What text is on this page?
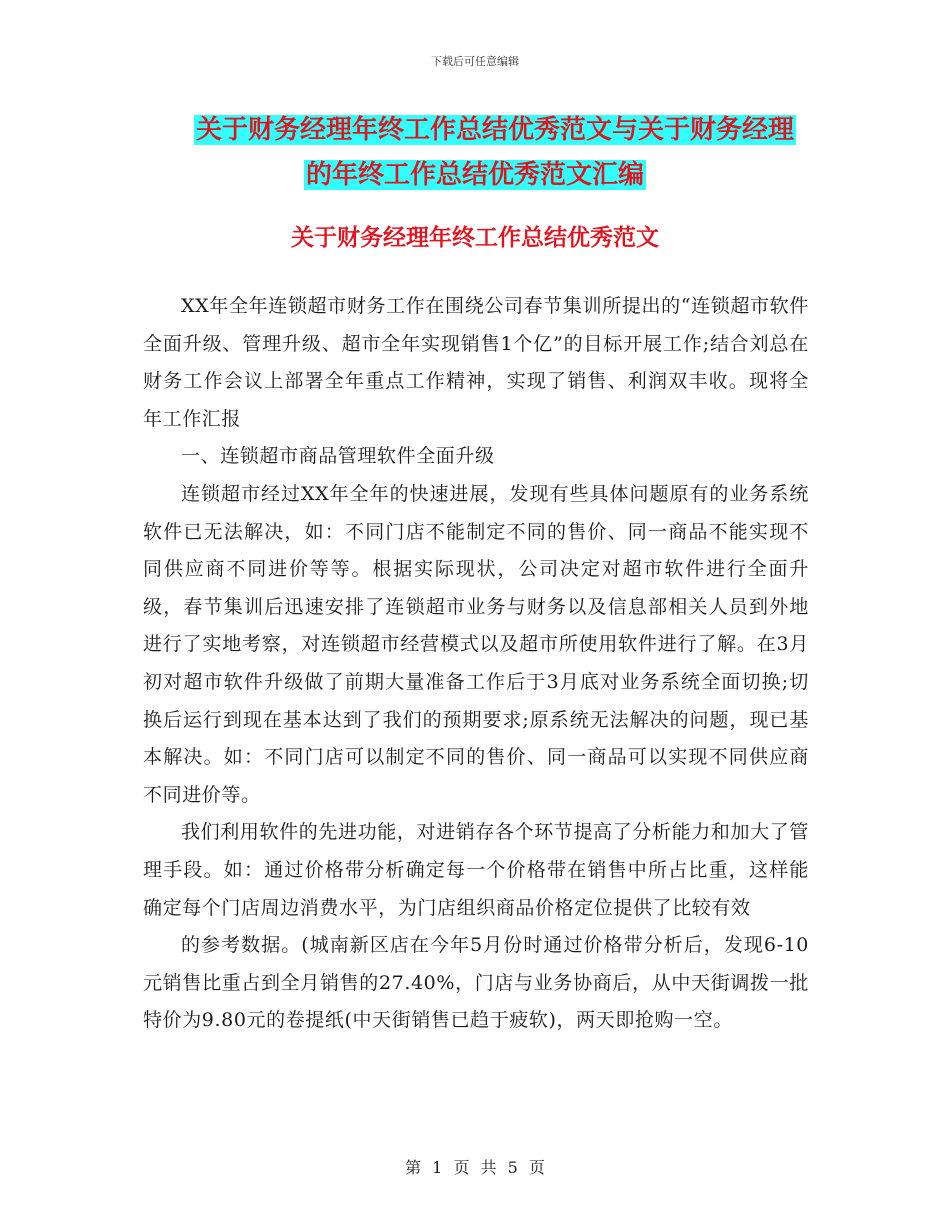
下载后可任意编辑
关于财务经理年终工作总结优秀范文与关于财务经理
的年终工作总结优秀范文汇编
关于财务经理年终工作总结优秀范文

XX年全年连锁超市财务工作在围绕公司春节集训所提出的“连锁超市软件全面升级、管理升级、超市全年实现销售1个亿”的目标开展工作;结合刘总在财务工作会议上部署全年重点工作精神，实现了销售、利润双丰收。现将全年工作汇报

一、连锁超市商品管理软件全面升级

连锁超市经过XX年全年的快速进展，发现有些具体问题原有的业务系统软件已无法解决，如：不同门店不能制定不同的售价、同一商品不能实现不同供应商不同进价等等。根据实际现状，公司决定对超市软件进行全面升级，春节集训后迅速安排了连锁超市业务与财务以及信息部相关人员到外地进行了实地考察，对连锁超市经营模式以及超市所使用软件进行了解。在3月初对超市软件升级做了前期大量准备工作后于3月底对业务系统全面切换;切换后运行到现在基本达到了我们的预期要求;原系统无法解决的问题，现已基本解决。如：不同门店可以制定不同的售价、同一商品可以实现不同供应商不同进价等。

我们利用软件的先进功能，对进销存各个环节提高了分析能力和加大了管理手段。如：通过价格带分析确定每一个价格带在销售中所占比重，这样能确定每个门店周边消费水平，为门店组织商品价格定位提供了比较有效

的参考数据。(城南新区店在今年5月份时通过价格带分析后，发现6-10元销售比重占到全月销售的27.40%，门店与业务协商后，从中天街调拨一批特价为9.80元的卷提纸(中天街销售已趋于疲软)，两天即抢购一空。

第 1 页 共 5 页
